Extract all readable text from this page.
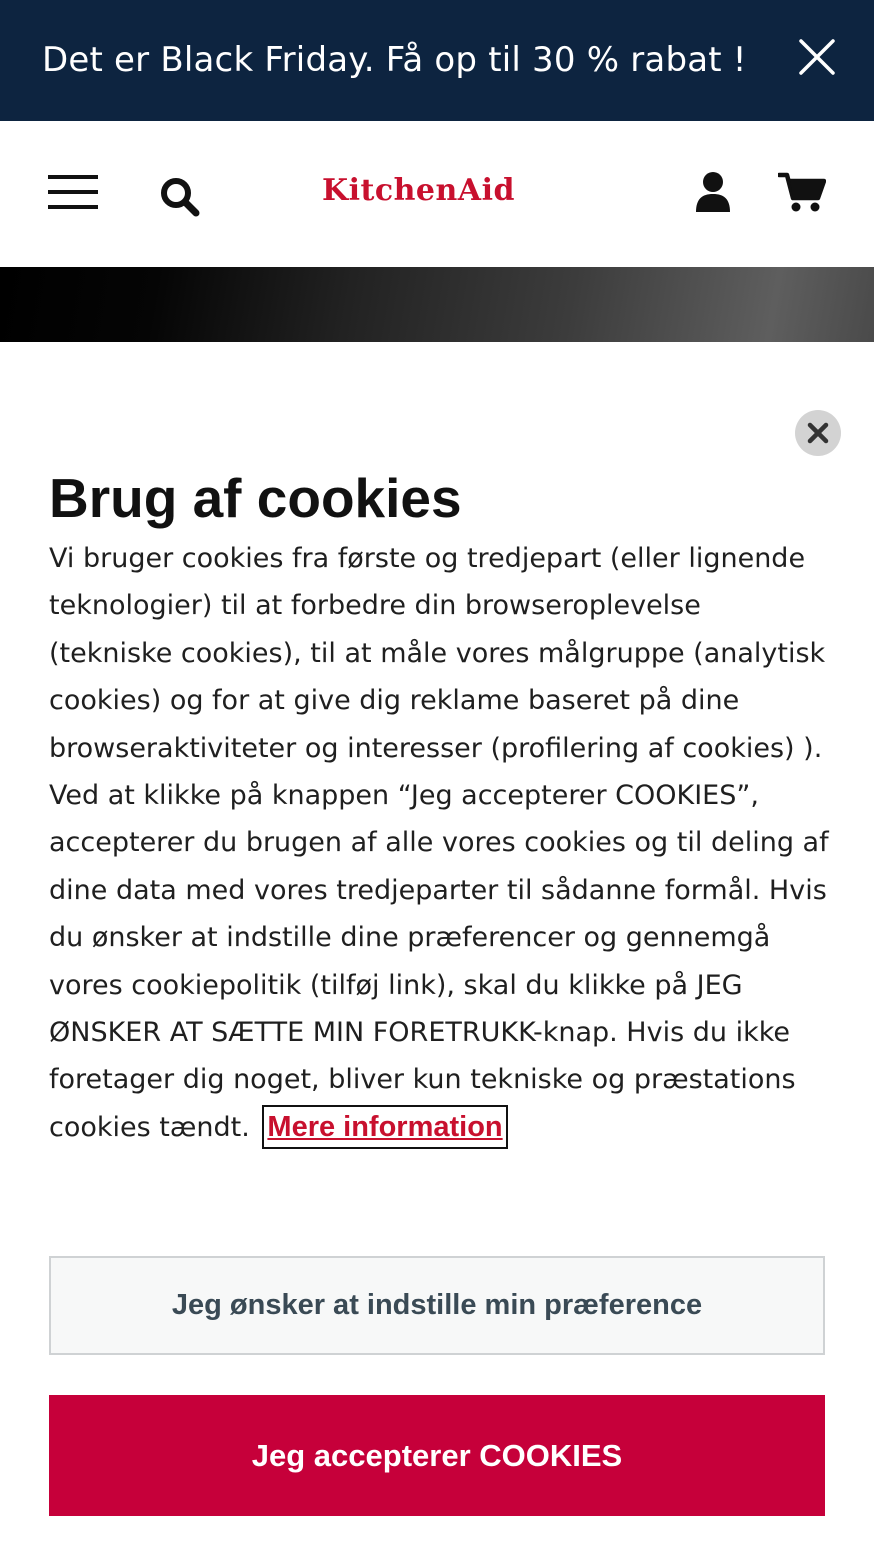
Det er Black Friday. Få op til 30 % rabat !
KitchenAid
Brug af cookies
Vi bruger cookies fra første og tredjepart (eller lignende teknologier) til at forbedre din browseroplevelse (tekniske cookies), til at måle vores målgruppe (analytisk cookies) og for at give dig reklame baseret på dine browseraktiviteter og interesser (profilering af cookies) ). Ved at klikke på knappen “Jeg accepterer COOKIES”, accepterer du brugen af alle vores cookies og til deling af dine data med vores tredjeparter til sådanne formål. Hvis du ønsker at indstille dine præferencer og gennemgå vores cookiepolitik (tilføj link), skal du klikke på JEG ØNSKER AT SÆTTE MIN FORETRUKK-knap. Hvis du ikke foretager dig noget, bliver kun tekniske og præstations cookies tændt. Mere information
Jeg ønsker at indstille min præference
Jeg accepterer COOKIES
